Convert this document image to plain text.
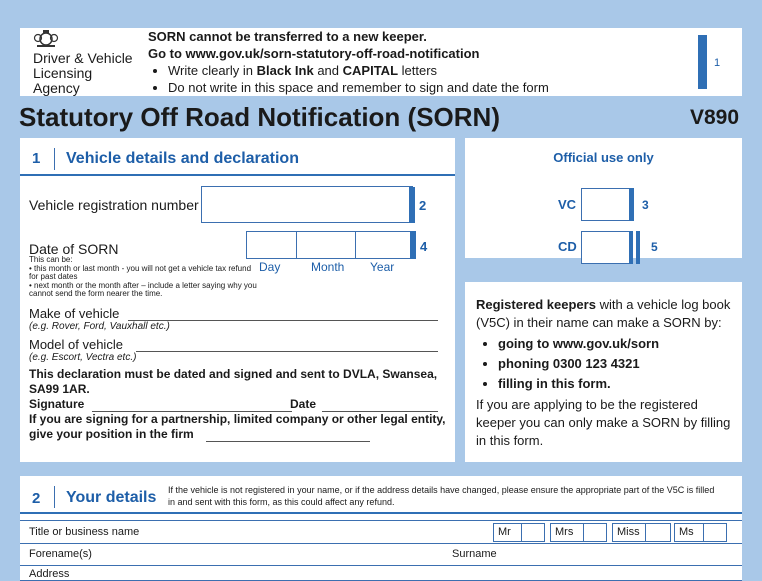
Driver & Vehicle
Licensing
Agency
SORN cannot be transferred to a new keeper.
Go to www.gov.uk/sorn-statutory-off-road-notification
• Write clearly in Black Ink and CAPITAL letters
• Do not write in this space and remember to sign and date the form
1
Statutory Off Road Notification (SORN)	V890
1 Vehicle details and declaration
Vehicle registration number	2
Date of SORN
This can be:
• this month or last month - you will not get a vehicle tax refund for past dates
• next month or the month after – include a letter saying why you cannot send the form nearer the time.
4
Day	Month Year
Make of vehicle
(e.g. Rover, Ford, Vauxhall etc.)
Model of vehicle
(e.g. Escort, Vectra etc.)
This declaration must be dated and signed and sent to DVLA, Swansea, SA99 1AR.
Signature	Date
If you are signing for a partnership, limited company or other legal entity, give your position in the firm
Official use only
VC	3
CD	5
Registered keepers with a vehicle log book (V5C) in their name can make a SORN by:
• going to www.gov.uk/sorn
• phoning 0300 123 4321
• filling in this form.
If you are applying to be the registered keeper you can only make a SORN by filling in this form.
2 Your details If the vehicle is not registered in your name, or if the address details have changed, please ensure the appropriate part of the V5C is filled in and sent with this form, as this could affect any refund.
Title or business name	Mr	Mrs	Miss	Ms
Forename(s)	Surname
Address
